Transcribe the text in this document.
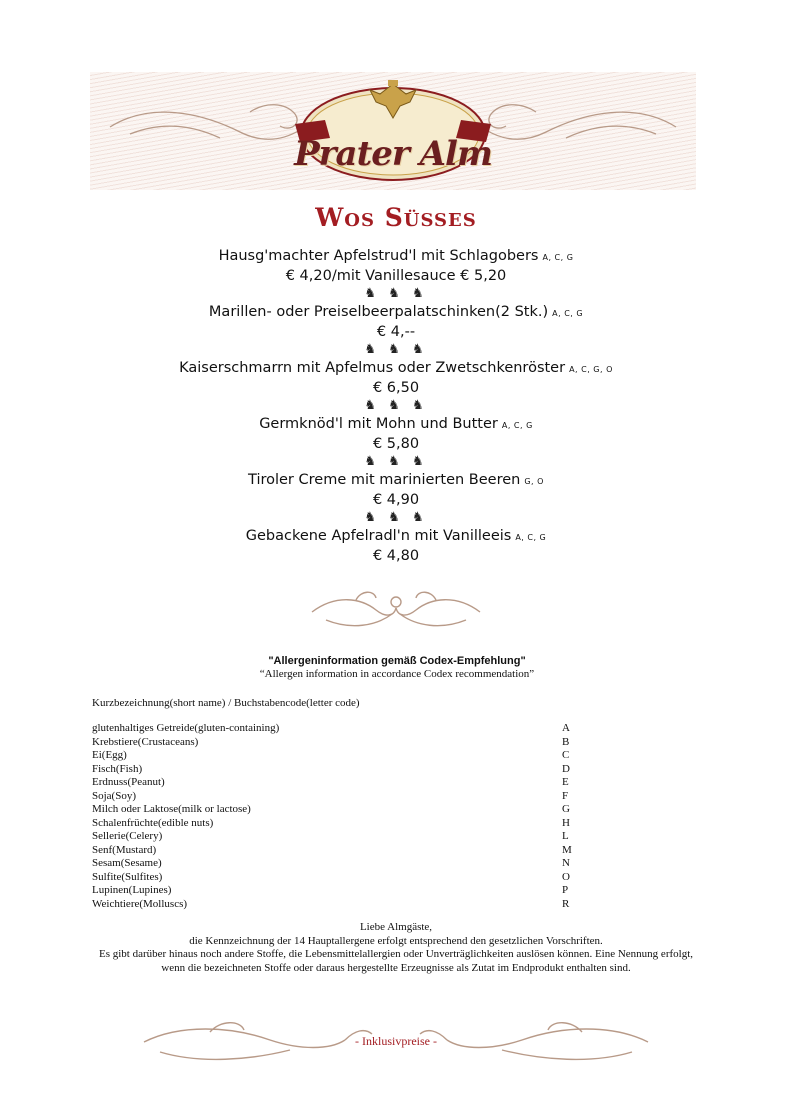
Prater Alm
Wos Süsses
Hausg'machter Apfelstrud'l mit Schlagobers A, C, G
€ 4,20/mit Vanillesauce € 5,20
♞ ♞ ♞
Marillen- oder Preiselbeerpalatschinken(2 Stk.) A, C, G
€ 4,--
♞ ♞ ♞
Kaiserschmarrn mit Apfelmus oder Zwetschkenröster A, C, G, O
€ 6,50
♞ ♞ ♞
Germknöd'l mit Mohn und Butter A, C, G
€ 5,80
♞ ♞ ♞
Tiroler Creme mit marinierten Beeren G, O
€ 4,90
♞ ♞ ♞
Gebackene Apfelradl'n mit Vanilleeis A, C, G
€ 4,80
"Allergeninformation gemäß Codex-Empfehlung"
“Allergen information in accordance Codex recommendation”
Kurzbezeichnung(short name) / Buchstabencode(letter code)
glutenhaltiges Getreide(gluten-containing)	A
Krebstiere(Crustaceans)	B
Ei(Egg)	C
Fisch(Fish)	D
Erdnuss(Peanut)	E
Soja(Soy)	F
Milch oder Laktose(milk or lactose)	G
Schalenfrüchte(edible nuts)	H
Sellerie(Celery)	L
Senf(Mustard)	M
Sesam(Sesame)	N
Sulfite(Sulfites)	O
Lupinen(Lupines)	P
Weichtiere(Molluscs)	R
Liebe Almgäste,
die Kennzeichnung der 14 Hauptallergene erfolgt entsprechend den gesetzlichen Vorschriften.
Es gibt darüber hinaus noch andere Stoffe, die Lebensmittelallergien oder Unverträglichkeiten auslösen können. Eine Nennung erfolgt, wenn die bezeichneten Stoffe oder daraus hergestellte Erzeugnisse als Zutat im Endprodukt enthalten sind.
- Inklusivpreise -
